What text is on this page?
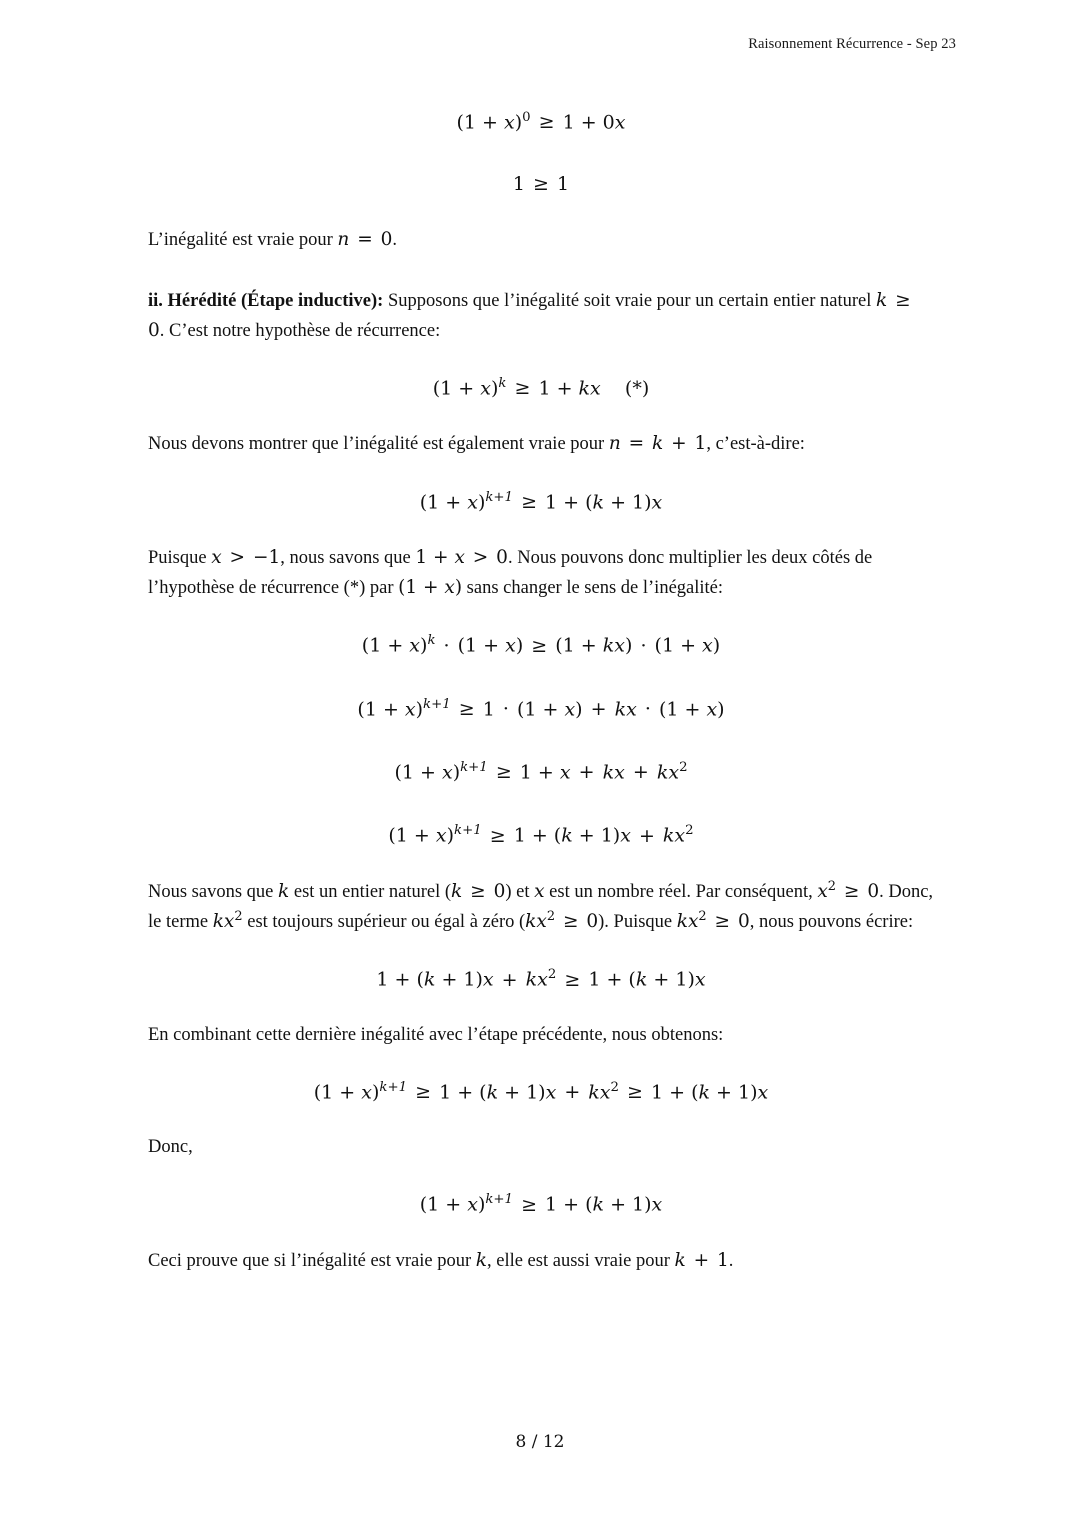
Raisonnement Récurrence - Sep 23
$(1 + x)^0 \ge 1 + 0x$
1 ≥ 1

L’inégalité est vraie pour n = 0.

ii. Hérédité (Étape inductive): Supposons que l’inégalité soit vraie pour un certain entier naturel k ≥ 0. C’est notre hypothèse de récurrence:

$(1 + x)^k \ge 1$ + kx    (*)

Nous devons montrer que l’inégalité est également vraie pour n = k + 1, c’est-à-dire:

$(1 + x)^{k+1} \ge 1 + (k + 1)x$

Puisque x > −1, nous savons que 1 + x > 0. Nous pouvons donc multiplier les deux côtés de l’hypothèse de récurrence (*) par (1 + x) sans changer le sens de l’inégalité:

$(1 + x)^k \cdot (1 + x) \ge (1 + kx) \cdot (1 + x)$
$(1 + x)^{k+1} \ge 1 \cdot (1 + x)$ + kx · (1 + x)
$(1 + x)^{k+1} \ge 1 + x$ + kx + $kx^2$
$(1 + x)^{k+1} \ge 1 + (k + 1)x + kx^2$

Nous savons que k est un entier naturel (k ≥ 0) et x est un nombre réel. Par conséquent, $x^2 \ge 0$. Donc, le terme $kx^2$ est toujours supérieur ou égal à zéro $(kx^2 \ge 0)$. Puisque $kx^2 \ge 0$, nous pouvons écrire:

$1 + (k + 1)x + kx^2 \ge 1 + (k + 1)x$

En combinant cette dernière inégalité avec l’étape précédente, nous obtenons:

$(1 + x)^{k+1} \ge 1 + (k + 1)x + kx^2 \ge 1 + (k + 1)x$

Donc,

$(1 + x)^{k+1} \ge 1 + (k + 1)x$

Ceci prouve que si l’inégalité est vraie pour k, elle est aussi vraie pour k + 1.

8 / 12
